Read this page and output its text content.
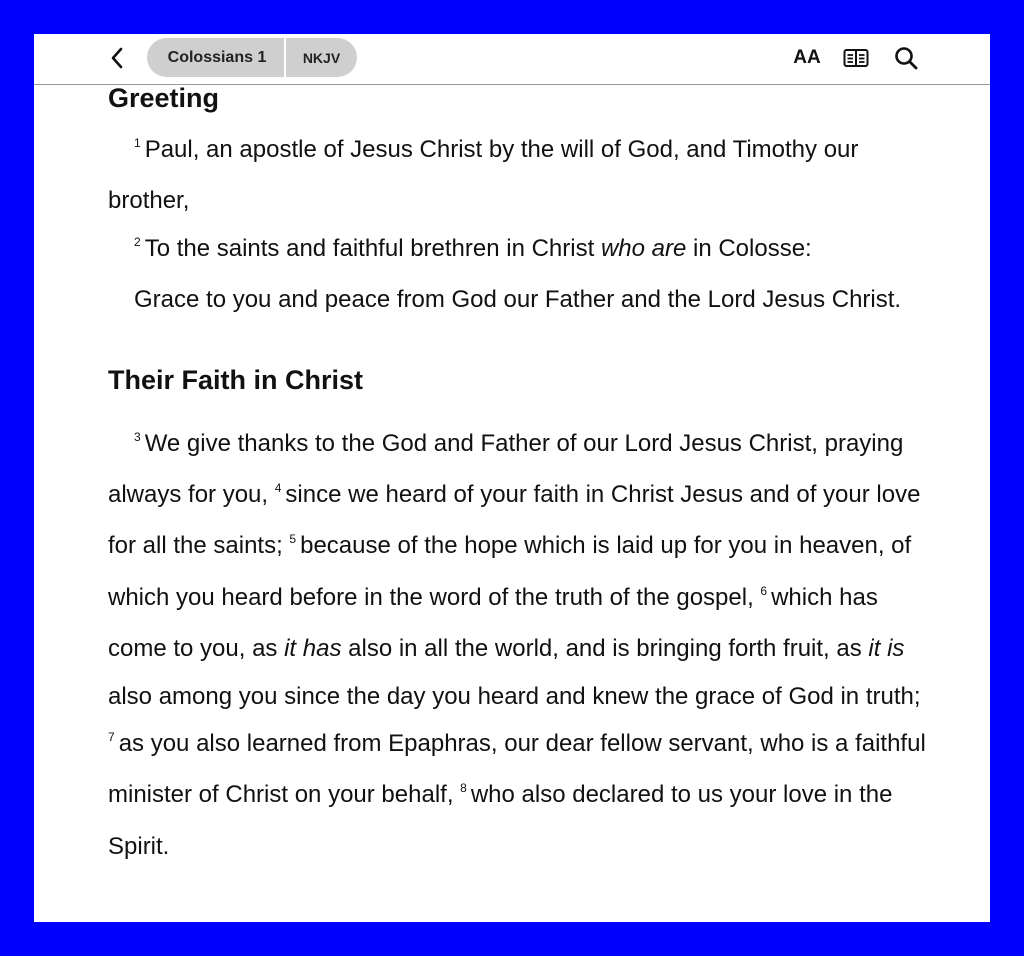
Colossians 1	NKJV	AA
Greeting

$^1$ Paul, an apostle of Jesus Christ by the will of God, and Timothy our brother,

$^2$ To the saints and faithful brethren in Christ who are in Colosse:

Grace to you and peace from God our Father and the Lord Jesus Christ.

Their Faith in Christ

$^3$ We give thanks to the God and Father of our Lord Jesus Christ, praying always for you, $^4$ since we heard of your faith in Christ Jesus and of your love for all the saints; $^5$ because of the hope which is laid up for you in heaven, of which you heard before in the word of the truth of the gospel, $^6$ which has come to you, as it has also in all the world, and is bringing forth fruit, as it is also among you since the day you heard and knew the grace of God in truth; $^7$ as you also learned from Epaphras, our dear fellow servant, who is a faithful minister of Christ on your behalf, $^8$ who also declared to us your love in the Spirit.
